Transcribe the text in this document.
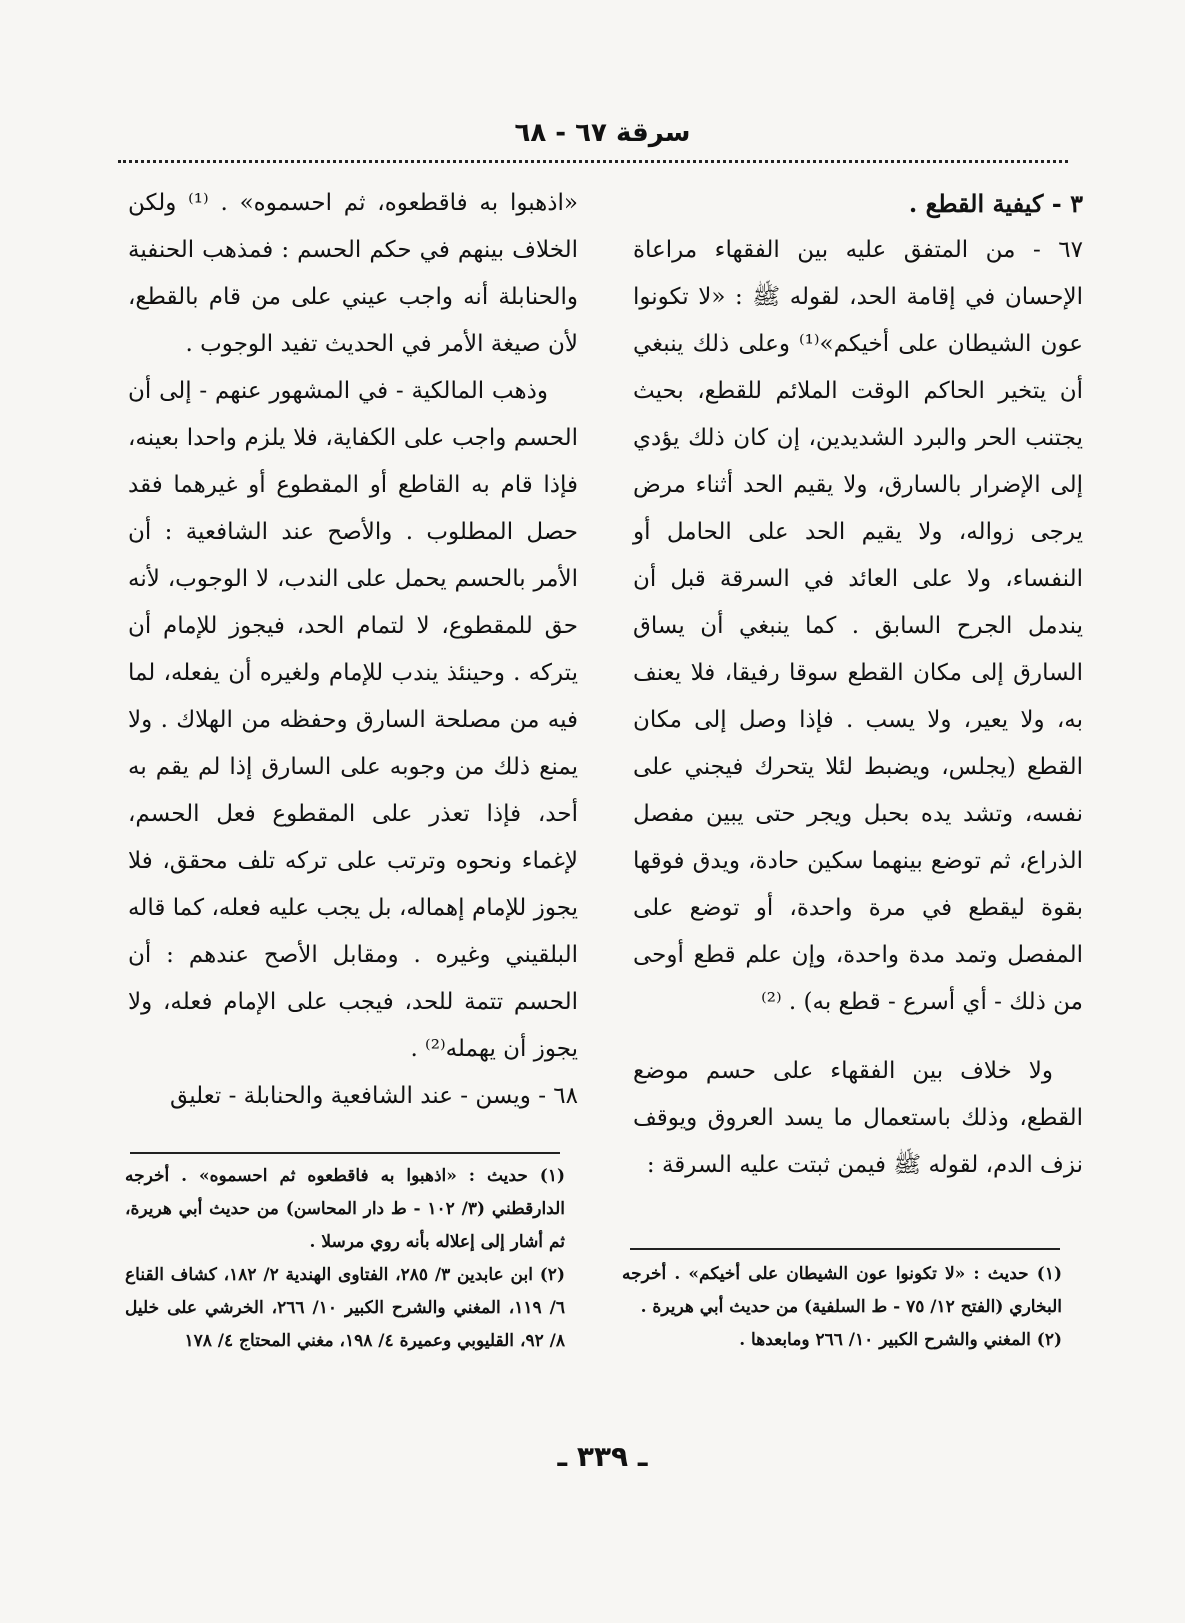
سرقة ٦٧ - ٦٨

٣ - كيفية القطع .

٦٧ - من المتفق عليه بين الفقهاء مراعاة الإحسان في إقامة الحد، لقوله ﷺ : «لا تكونوا عون الشيطان على أخيكم»⁽¹⁾ وعلى ذلك ينبغي أن يتخير الحاكم الوقت الملائم للقطع، بحيث يجتنب الحر والبرد الشديدين، إن كان ذلك يؤدي إلى الإضرار بالسارق، ولا يقيم الحد أثناء مرض يرجى زواله، ولا يقيم الحد على الحامل أو النفساء، ولا على العائد في السرقة قبل أن يندمل الجرح السابق . كما ينبغي أن يساق السارق إلى مكان القطع سوقا رفيقا، فلا يعنف به، ولا يعير، ولا يسب . فإذا وصل إلى مكان القطع (يجلس، ويضبط لئلا يتحرك فيجني على نفسه، وتشد يده بحبل ويجر حتى يبين مفصل الذراع، ثم توضع بينهما سكين حادة، ويدق فوقها بقوة ليقطع في مرة واحدة، أو توضع على المفصل وتمد مدة واحدة، وإن علم قطع أوحى من ذلك - أي أسرع - قطع به) . ⁽²⁾

ولا خلاف بين الفقهاء على حسم موضع القطع، وذلك باستعمال ما يسد العروق ويوقف نزف الدم، لقوله ﷺ فيمن ثبتت عليه السرقة :

«اذهبوا به فاقطعوه، ثم احسموه» . ⁽¹⁾ ولكن الخلاف بينهم في حكم الحسم : فمذهب الحنفية والحنابلة أنه واجب عيني على من قام بالقطع، لأن صيغة الأمر في الحديث تفيد الوجوب .

وذهب المالكية - في المشهور عنهم - إلى أن الحسم واجب على الكفاية، فلا يلزم واحدا بعينه، فإذا قام به القاطع أو المقطوع أو غيرهما فقد حصل المطلوب . والأصح عند الشافعية : أن الأمر بالحسم يحمل على الندب، لا الوجوب، لأنه حق للمقطوع، لا لتمام الحد، فيجوز للإمام أن يتركه . وحينئذ يندب للإمام ولغيره أن يفعله، لما فيه من مصلحة السارق وحفظه من الهلاك . ولا يمنع ذلك من وجوبه على السارق إذا لم يقم به أحد، فإذا تعذر على المقطوع فعل الحسم، لإغماء ونحوه وترتب على تركه تلف محقق، فلا يجوز للإمام إهماله، بل يجب عليه فعله، كما قاله البلقيني وغيره . ومقابل الأصح عندهم : أن الحسم تتمة للحد، فيجب على الإمام فعله، ولا يجوز أن يهمله⁽²⁾ .

٦٨ - ويسن - عند الشافعية والحنابلة - تعليق

(١) حديث : «اذهبوا به فاقطعوه ثم احسموه» . أخرجه الدارقطني (٣/ ١٠٢ - ط دار المحاسن) من حديث أبي هريرة، ثم أشار إلى إعلاله بأنه روي مرسلا .

(٢) ابن عابدين ٣/ ٢٨٥، الفتاوى الهندية ٢/ ١٨٢، كشاف القناع ٦/ ١١٩، المغني والشرح الكبير ١٠/ ٢٦٦، الخرشي على خليل ٨/ ٩٢، القليوبي وعميرة ٤/ ١٩٨، مغني المحتاج ٤/ ١٧٨

(١) حديث : «لا تكونوا عون الشيطان على أخيكم» . أخرجه البخاري (الفتح ١٢/ ٧٥ - ط السلفية) من حديث أبي هريرة .

(٢) المغني والشرح الكبير ١٠/ ٢٦٦ ومابعدها .

ـ ٣٣٩ ـ
